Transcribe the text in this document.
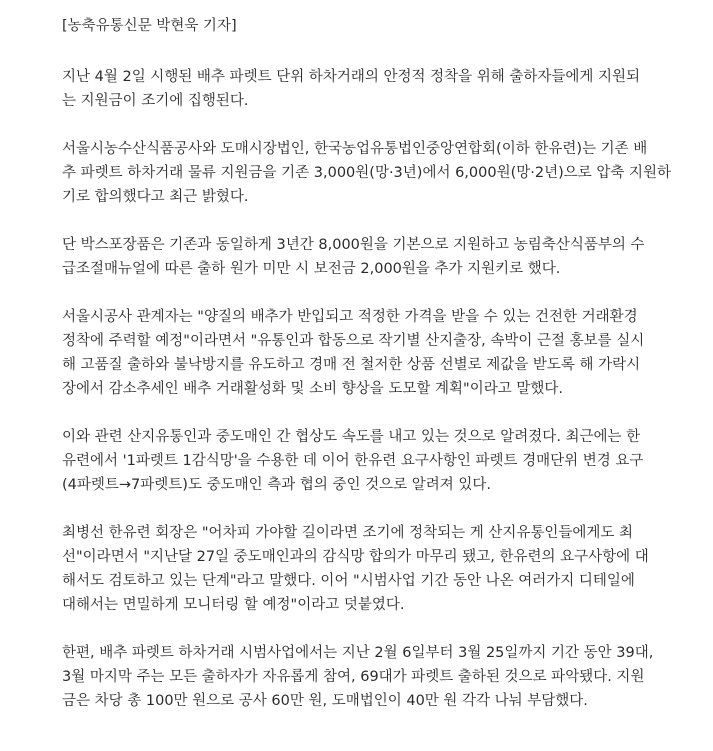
[농축유통신문 박현욱 기자]

지난 4월 2일 시행된 배추 파렛트 단위 하차거래의 안정적 정착을 위해 출하자들에게 지원되
는 지원금이 조기에 집행된다.

서울시농수산식품공사와 도매시장법인, 한국농업유통법인중앙연합회(이하 한유련)는 기존 배
추 파렛트 하차거래 물류 지원금을 기존 3,000원(망·3년)에서 6,000원(망·2년)으로 압축 지원하
기로 합의했다고 최근 밝혔다.

단 박스포장품은 기존과 동일하게 3년간 8,000원을 기본으로 지원하고 농림축산식품부의 수
급조절매뉴얼에 따른 출하 원가 미만 시 보전금 2,000원을 추가 지원키로 했다.

서울시공사 관계자는 "양질의 배추가 반입되고 적정한 가격을 받을 수 있는 건전한 거래환경
정착에 주력할 예정"이라면서 "유통인과 합동으로 작기별 산지출장, 속박이 근절 홍보를 실시
해 고품질 출하와 불낙방지를 유도하고 경매 전 철저한 상품 선별로 제값을 받도록 해 가락시
장에서 감소추세인 배추 거래활성화 및 소비 향상을 도모할 계획"이라고 말했다.

이와 관련 산지유통인과 중도매인 간 협상도 속도를 내고 있는 것으로 알려졌다. 최근에는 한
유련에서 '1파렛트 1감식망'을 수용한 데 이어 한유련 요구사항인 파렛트 경매단위 변경 요구
(4파렛트→7파렛트)도 중도매인 측과 협의 중인 것으로 알려져 있다.

최병선 한유련 회장은 "어차피 가야할 길이라면 조기에 정착되는 게 산지유통인들에게도 최
선"이라면서 "지난달 27일 중도매인과의 감식망 합의가 마무리 됐고, 한유련의 요구사항에 대
해서도 검토하고 있는 단계"라고 말했다. 이어 "시범사업 기간 동안 나온 여러가지 디테일에
대해서는 면밀하게 모니터링 할 예정"이라고 덧붙였다.

한편, 배추 파렛트 하차거래 시범사업에서는 지난 2월 6일부터 3월 25일까지 기간 동안 39대,
3월 마지막 주는 모든 출하자가 자유롭게 참여, 69대가 파렛트 출하된 것으로 파악됐다. 지원
금은 차당 총 100만 원으로 공사 60만 원, 도매법인이 40만 원 각각 나눠 부담했다.
